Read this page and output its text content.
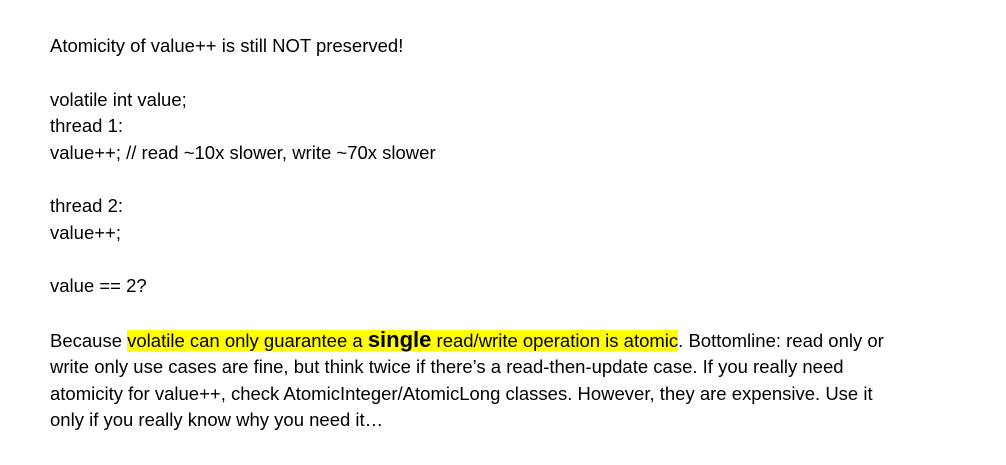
Atomicity of value++ is still NOT preserved!
volatile int value;
thread 1:
value++; // read ~10x slower, write ~70x slower
thread 2:
value++;
value == 2?

Because volatile can only guarantee a single read/write operation is atomic. Bottomline: read only or write only use cases are fine, but think twice if there’s a read-then-update case. If you really need atomicity for value++, check AtomicInteger/AtomicLong classes. However, they are expensive. Use it only if you really know why you need it…
